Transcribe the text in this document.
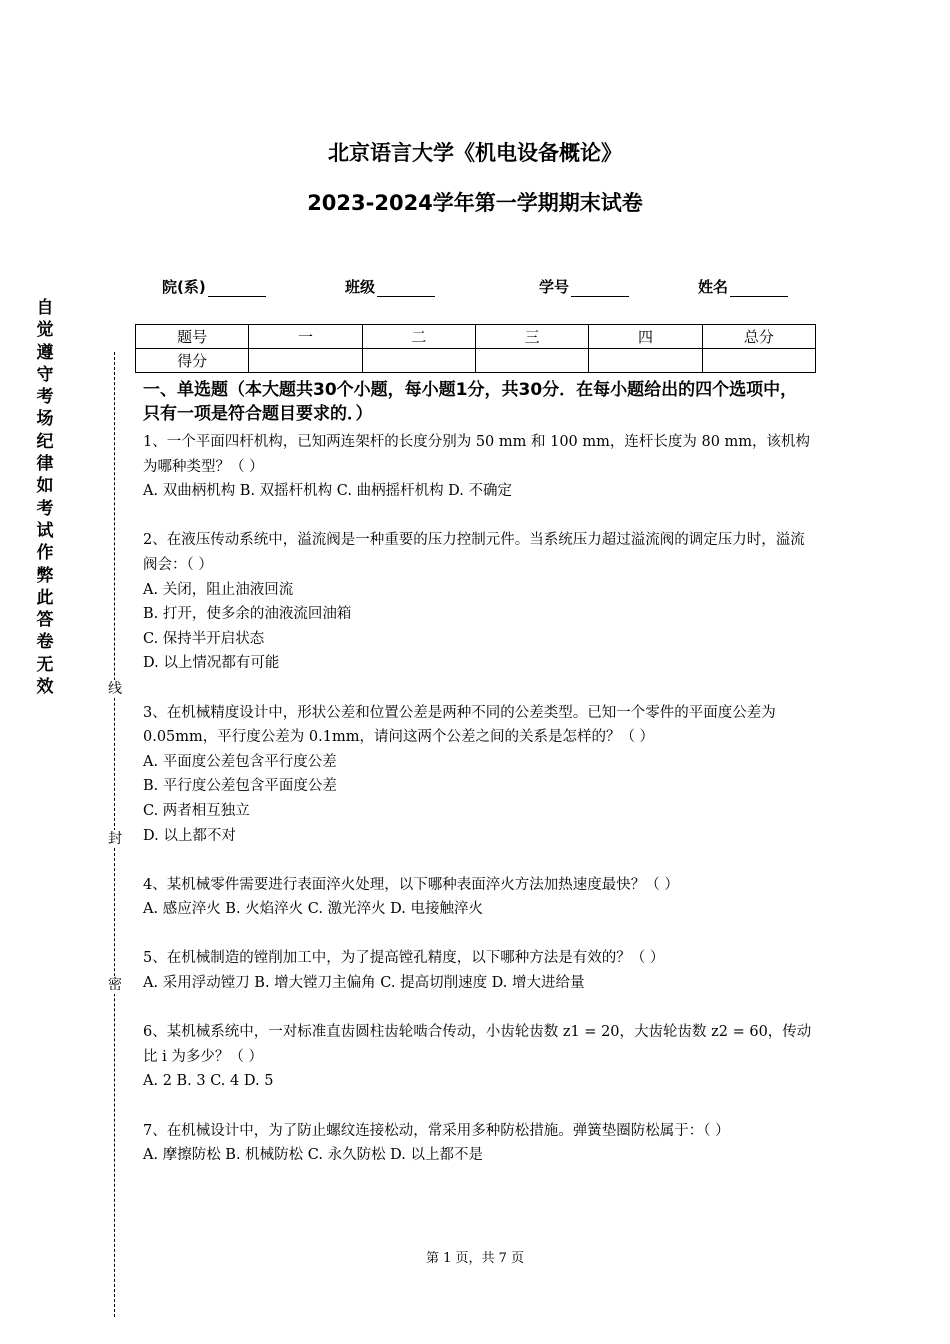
北京语言大学《机电设备概论》
2023-2024学年第一学期期末试卷
院(系)	班级	学号	姓名
题号	一	二	三	四	总分
得分					
自觉遵守考场纪律如考试作弊此答卷无效	线
封
密
一、单选题（本大题共30个小题，每小题1分，共30分．在每小题给出的四个选项中，只有一项是符合题目要求的．）
1、一个平面四杆机构，已知两连架杆的长度分别为 50 mm 和 100 mm，连杆长度为 80 mm，该机构为哪种类型？（ ）
A. 双曲柄机构 B. 双摇杆机构 C. 曲柄摇杆机构 D. 不确定
2、在液压传动系统中，溢流阀是一种重要的压力控制元件。当系统压力超过溢流阀的调定压力时，溢流阀会：（ ）
A. 关闭，阻止油液回流
B. 打开，使多余的油液流回油箱
C. 保持半开启状态
D. 以上情况都有可能
3、在机械精度设计中，形状公差和位置公差是两种不同的公差类型。已知一个零件的平面度公差为 0.05mm，平行度公差为 0.1mm，请问这两个公差之间的关系是怎样的？（ ）
A. 平面度公差包含平行度公差
B. 平行度公差包含平面度公差
C. 两者相互独立
D. 以上都不对
4、某机械零件需要进行表面淬火处理，以下哪种表面淬火方法加热速度最快？（ ）
A. 感应淬火 B. 火焰淬火 C. 激光淬火 D. 电接触淬火
5、在机械制造的镗削加工中，为了提高镗孔精度，以下哪种方法是有效的？（ ）
A. 采用浮动镗刀 B. 增大镗刀主偏角 C. 提高切削速度 D. 增大进给量
6、某机械系统中，一对标准直齿圆柱齿轮啮合传动，小齿轮齿数 z1 = 20，大齿轮齿数 z2 = 60，传动比 i 为多少？（ ）
A. 2 B. 3 C. 4 D. 5
7、在机械设计中，为了防止螺纹连接松动，常采用多种防松措施。弹簧垫圈防松属于：（ ）
A. 摩擦防松 B. 机械防松 C. 永久防松 D. 以上都不是
第 1 页，共 7 页
